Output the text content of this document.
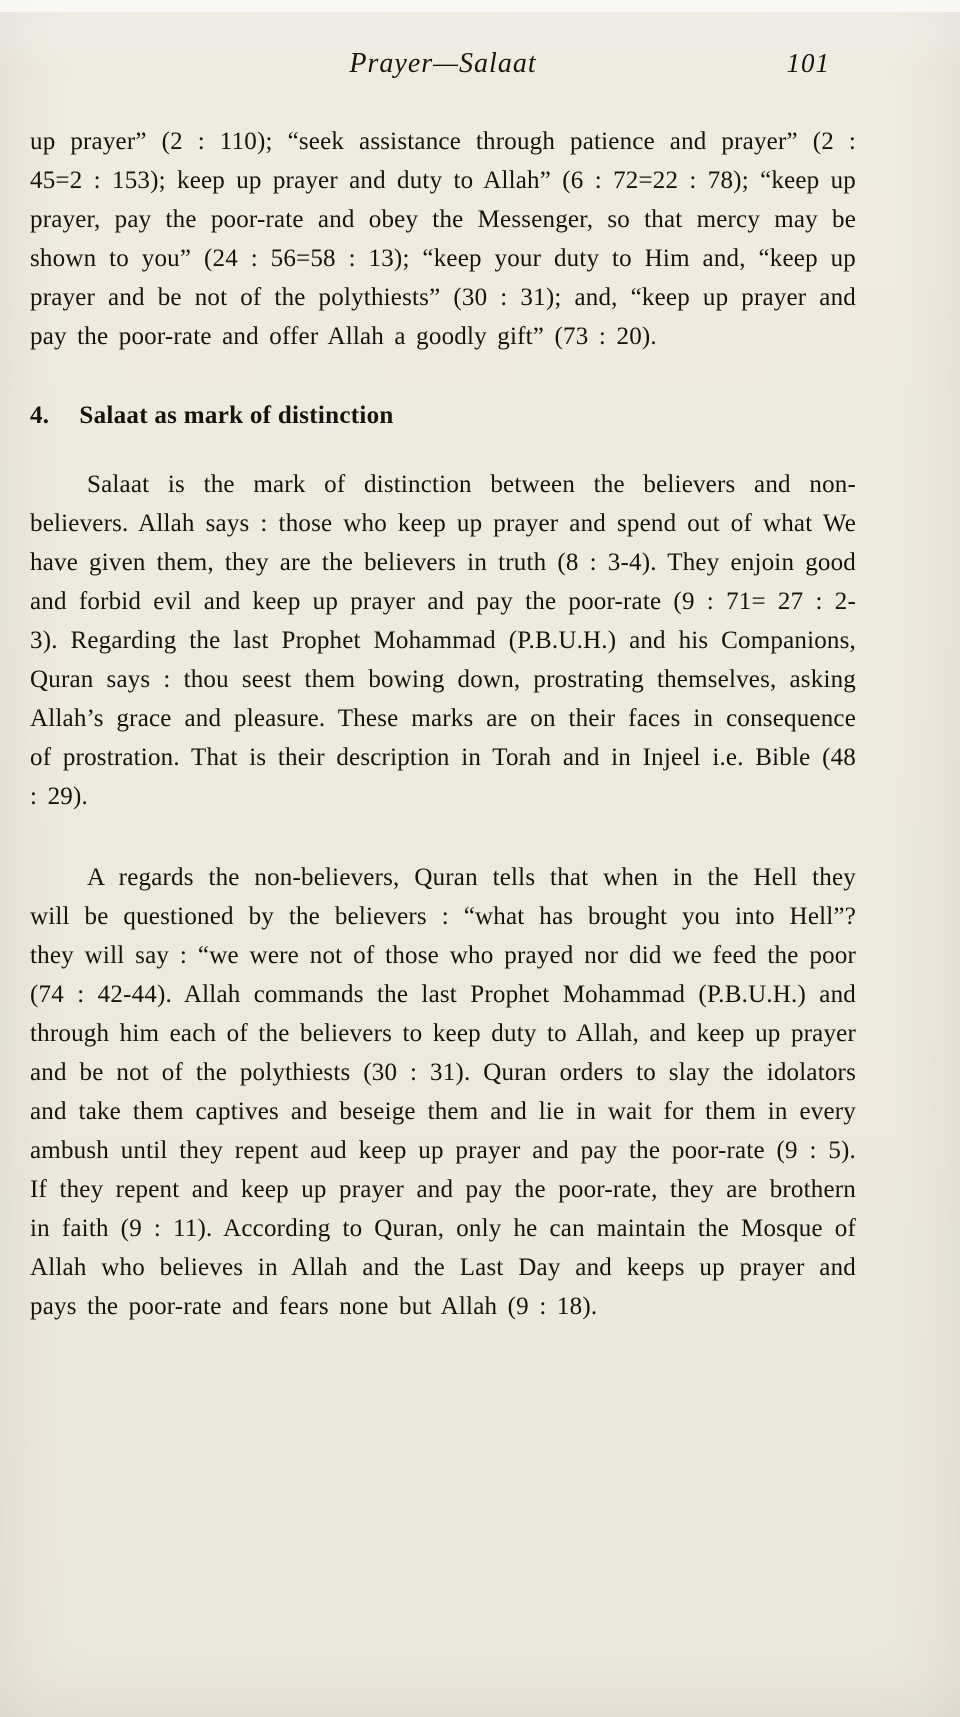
Prayer—Salaat	101

up prayer” (2 : 110); “seek assistance through patience and prayer” (2 : 45=2 : 153); keep up prayer and duty to Allah” (6 : 72=22 : 78); “keep up prayer, pay the poor-rate and obey the Messenger, so that mercy may be shown to you” (24 : 56=58 : 13); “keep your duty to Him and, “keep up prayer and be not of the polythiests” (30 : 31); and, “keep up prayer and pay the poor-rate and offer Allah a goodly gift” (73 : 20).

4. Salaat as mark of distinction

Salaat is the mark of distinction between the believers and non-believers. Allah says : those who keep up prayer and spend out of what We have given them, they are the believers in truth (8 : 3-4). They enjoin good and forbid evil and keep up prayer and pay the poor-rate (9 : 71= 27 : 2-3). Regarding the last Prophet Mohammad (P.B.U.H.) and his Companions, Quran says : thou seest them bowing down, prostrating themselves, asking Allah’s grace and pleasure. These marks are on their faces in consequence of prostration. That is their description in Torah and in Injeel i.e. Bible (48 : 29).

A regards the non-believers, Quran tells that when in the Hell they will be questioned by the believers : “what has brought you into Hell”? they will say : “we were not of those who prayed nor did we feed the poor (74 : 42-44). Allah commands the last Prophet Mohammad (P.B.U.H.) and through him each of the believers to keep duty to Allah, and keep up prayer and be not of the polythiests (30 : 31). Quran orders to slay the idolators and take them captives and beseige them and lie in wait for them in every ambush until they repent aud keep up prayer and pay the poor-rate (9 : 5). If they repent and keep up prayer and pay the poor-rate, they are brothern in faith (9 : 11). According to Quran, only he can maintain the Mosque of Allah who believes in Allah and the Last Day and keeps up prayer and pays the poor-rate and fears none but Allah (9 : 18).
